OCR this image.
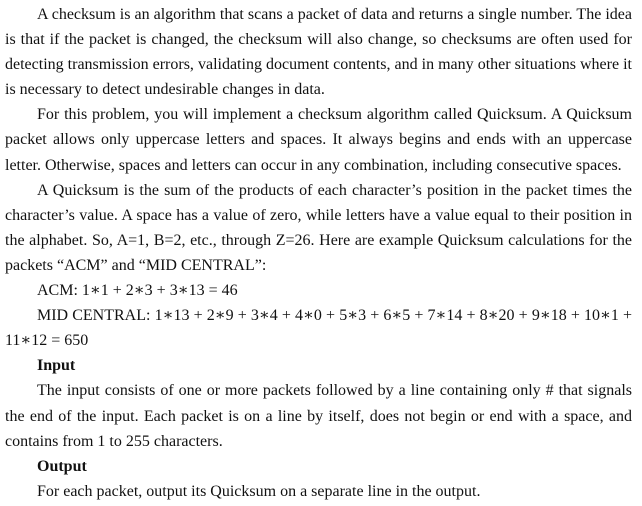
A checksum is an algorithm that scans a packet of data and returns a single number. The idea is that if the packet is changed, the checksum will also change, so checksums are often used for detecting transmission errors, validating document contents, and in many other situations where it is necessary to detect undesirable changes in data.

For this problem, you will implement a checksum algorithm called Quicksum. A Quicksum packet allows only uppercase letters and spaces. It always begins and ends with an uppercase letter. Otherwise, spaces and letters can occur in any combination, including consecutive spaces.

A Quicksum is the sum of the products of each character’s position in the packet times the character’s value. A space has a value of zero, while letters have a value equal to their position in the alphabet. So, A=1, B=2, etc., through Z=26. Here are example Quicksum calculations for the packets “ACM” and “MID CENTRAL”:

ACM: 1∗1 + 2∗3 + 3∗13 = 46

MID CENTRAL: 1∗13 + 2∗9 + 3∗4 + 4∗0 + 5∗3 + 6∗5 + 7∗14 + 8∗20 + 9∗18 + 10∗1 + 11∗12 = 650

Input

The input consists of one or more packets followed by a line containing only # that signals the end of the input. Each packet is on a line by itself, does not begin or end with a space, and contains from 1 to 255 characters.

Output

For each packet, output its Quicksum on a separate line in the output.
